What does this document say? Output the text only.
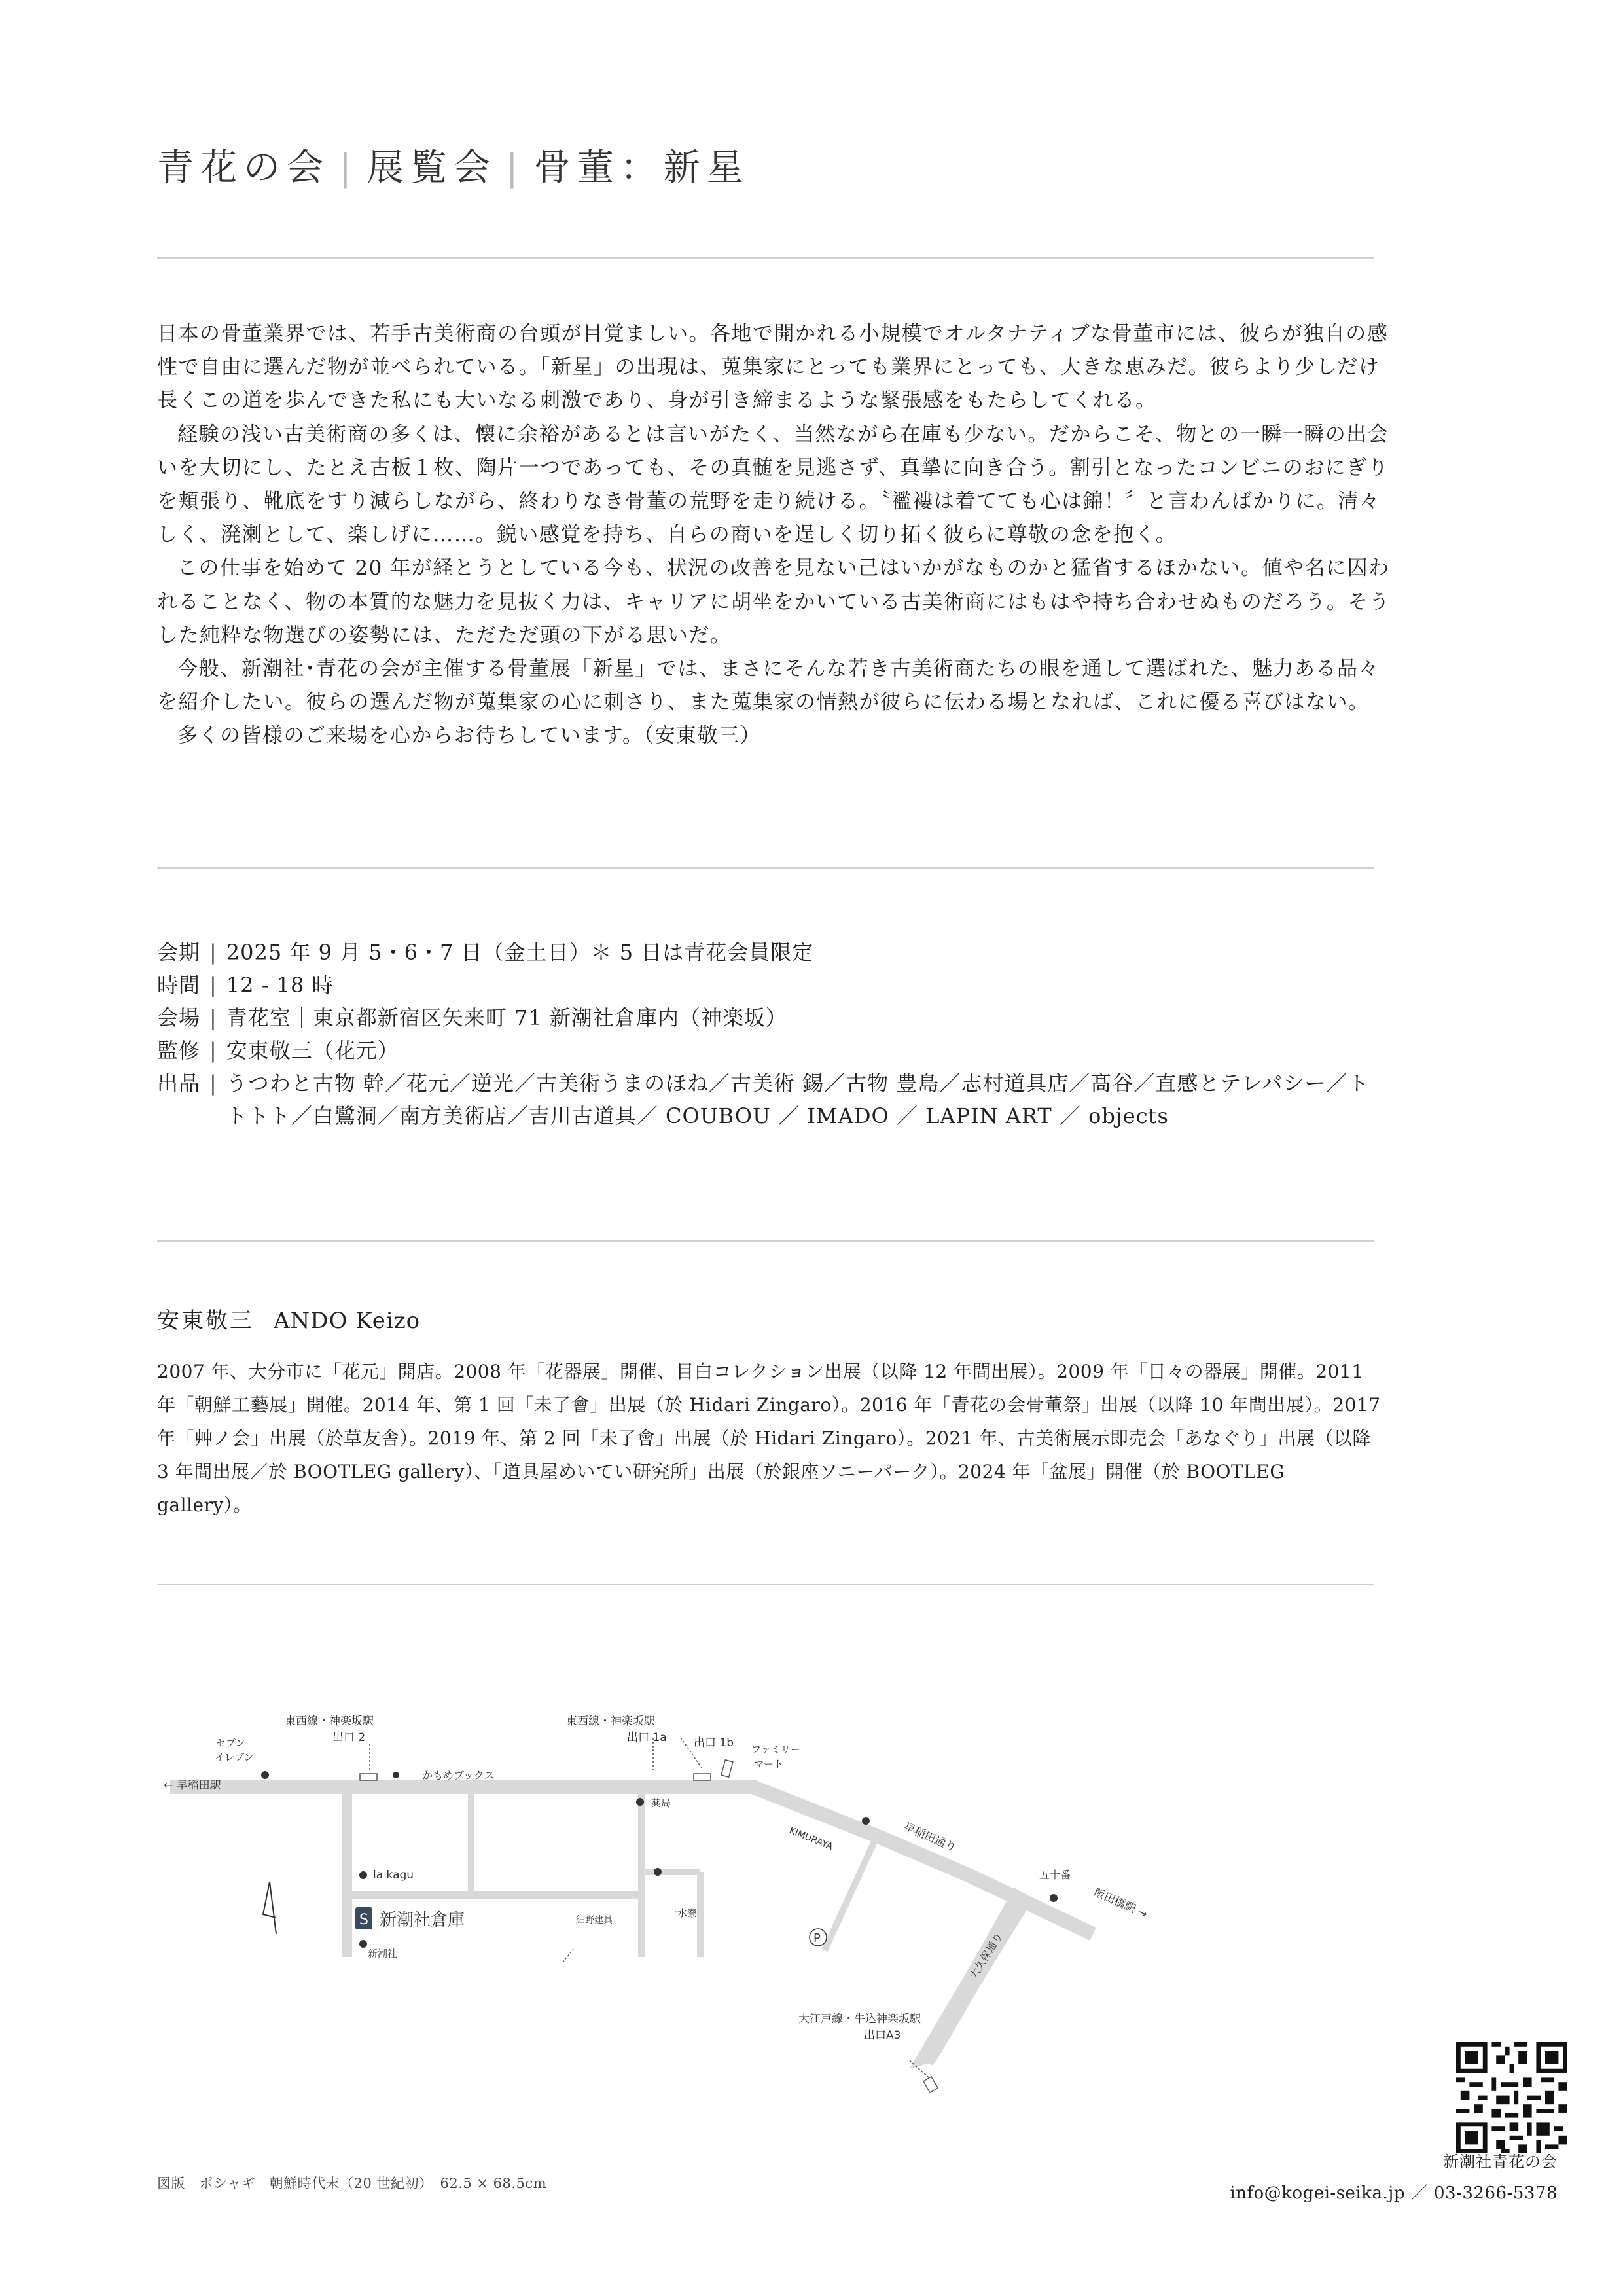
青花の会 | 展覧会 | 骨董：新星

日本の骨董業界では、若手古美術商の台頭が目覚ましい。各地で開かれる小規模でオルタナティブな骨董市には、彼らが独自の感性で自由に選んだ物が並べられている。「新星」の出現は、蒐集家にとっても業界にとっても、大きな恵みだ。彼らより少しだけ長くこの道を歩んできた私にも大いなる刺激であり、身が引き締まるような緊張感をもたらしてくれる。

経験の浅い古美術商の多くは、懐に余裕があるとは言いがたく、当然ながら在庫も少ない。だからこそ、物との一瞬一瞬の出会いを大切にし、たとえ古板１枚、陶片一つであっても、その真髄を見逃さず、真摯に向き合う。割引となったコンビニのおにぎりを頬張り、靴底をすり減らしながら、終わりなき骨董の荒野を走り続ける。〝襤褸は着てても心は錦！〞と言わんばかりに。清々しく、溌溂として、楽しげに……。鋭い感覚を持ち、自らの商いを逞しく切り拓く彼らに尊敬の念を抱く。

この仕事を始めて 20 年が経とうとしている今も、状況の改善を見ない己はいかがなものかと猛省するほかない。値や名に囚われることなく、物の本質的な魅力を見抜く力は、キャリアに胡坐をかいている古美術商にはもはや持ち合わせぬものだろう。そうした純粋な物選びの姿勢には、ただただ頭の下がる思いだ。

今般、新潮社･青花の会が主催する骨董展「新星」では、まさにそんな若き古美術商たちの眼を通して選ばれた、魅力ある品々を紹介したい。彼らの選んだ物が蒐集家の心に刺さり、また蒐集家の情熱が彼らに伝わる場となれば、これに優る喜びはない。

多くの皆様のご来場を心からお待ちしています。（安東敬三）

会期 | 2025 年 9 月 5・6・7 日（金土日）＊ 5 日は青花会員限定
時間 | 12 - 18 時
会場 | 青花室｜東京都新宿区矢来町 71 新潮社倉庫内（神楽坂）
監修 | 安東敬三（花元）
出品 | うつわと古物 幹／花元／逆光／古美術うまのほね／古美術 錫／古物 豊島／志村道具店／髙谷／直感とテレパシー／トトトト／白鷺洞／南方美術店／吉川古道具／ COUBOU ／ IMADO ／ LAPIN ART ／ objects
安東敬三 ANDO Keizo
2007 年、大分市に「花元」開店。2008 年「花器展」開催、目白コレクション出展（以降 12 年間出展）。2009 年「日々の器展」開催。2011 年「朝鮮工藝展」開催。2014 年、第 1 回「未了會」出展（於 Hidari Zingaro）。2016 年「青花の会骨董祭」出展（以降 10 年間出展）。2017 年「艸ノ会」出展（於草友舎）。2019 年、第 2 回「未了會」出展（於 Hidari Zingaro）。2021 年、古美術展示即売会「あなぐり」出展（以降 3 年間出展／於 BOOTLEG gallery）、「道具屋めいてい研究所」出展（於銀座ソニーパーク）。2024 年「盆展」開催（於 BOOTLEG gallery）。
S 新潮社倉庫
P
東西線・神楽坂駅
出口 2
東西線・神楽坂駅
出口 1a 出口 1b
セブン
イレブン
かもめブックス
ファミリー
マート
← 早稲田駅
薬局
KIMURAYA	早稲田通り
五十番
飯田橋駅 →
la kagu
新潮社
細野建具
一水寮
大久保通り
大江戸線・牛込神楽坂駅
出口A3
新潮社青花の会
info@kogei-seika.jp ／ 03-3266-5378
図版｜ポシャギ　朝鮮時代末（20 世紀初）　62.5 × 68.5cm
